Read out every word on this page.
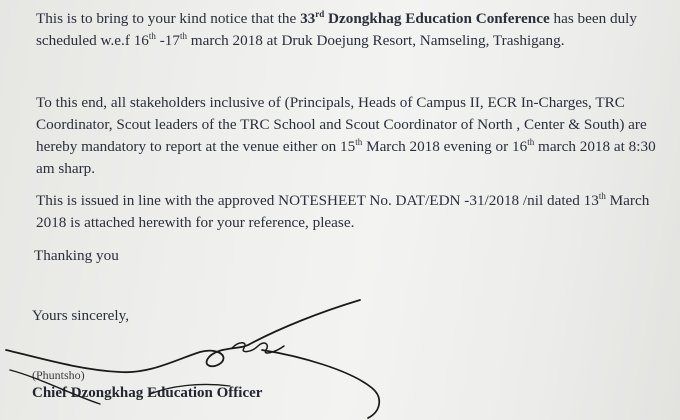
This is to bring to your kind notice that the 33rd Dzongkhag Education Conference has been duly scheduled w.e.f 16th -17th march 2018 at Druk Doejung Resort, Namseling, Trashigang.

To this end, all stakeholders inclusive of (Principals, Heads of Campus II, ECR In-Charges, TRC Coordinator, Scout leaders of the TRC School and Scout Coordinator of North , Center & South) are hereby mandatory to report at the venue either on 15th March 2018 evening or 16th march 2018 at 8:30 am sharp.

This is issued in line with the approved NOTESHEET No. DAT/EDN -31/2018 /nil dated 13th March 2018 is attached herewith for your reference, please.

Thanking you

Yours sincerely,

(Phuntsho)
Chief Dzongkhag Education Officer
